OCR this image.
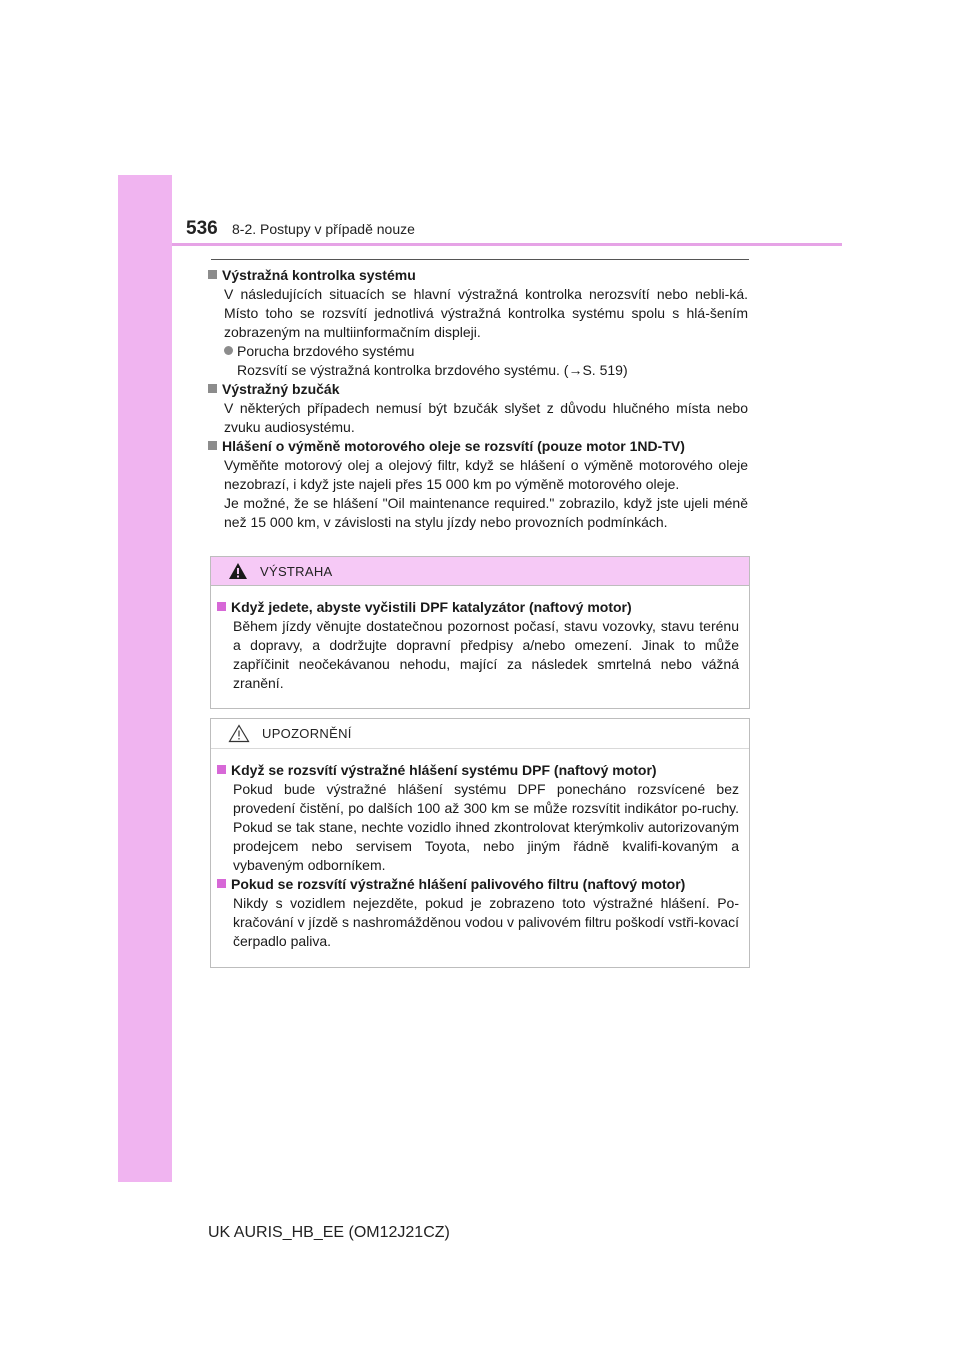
536 8-2. Postupy v případě nouze

Výstražná kontrolka systému

V následujících situacích se hlavní výstražná kontrolka nerozsvítí nebo nebli-ká. Místo toho se rozsvítí jednotlivá výstražná kontrolka systému spolu s hlá-šením zobrazeným na multiinformačním displeji.

Porucha brzdového systému

Rozsvítí se výstražná kontrolka brzdového systému. (→S. 519)

Výstražný bzučák

V některých případech nemusí být bzučák slyšet z důvodu hlučného místa nebo zvuku audiosystému.

Hlášení o výměně motorového oleje se rozsvítí (pouze motor 1ND-TV)

Vyměňte motorový olej a olejový filtr, když se hlášení o výměně motorového oleje nezobrazí, i když jste najeli přes 15 000 km po výměně motorového oleje.

Je možné, že se hlášení "Oil maintenance required." zobrazilo, když jste ujeli méně než 15 000 km, v závislosti na stylu jízdy nebo provozních podmínkách.

VÝSTRAHA

Když jedete, abyste vyčistili DPF katalyzátor (naftový motor)

Během jízdy věnujte dostatečnou pozornost počasí, stavu vozovky, stavu terénu a dopravy, a dodržujte dopravní předpisy a/nebo omezení. Jinak to může zapříčinit neočekávanou nehodu, mající za následek smrtelná nebo vážná zranění.

UPOZORNĚNÍ

Když se rozsvítí výstražné hlášení systému DPF (naftový motor)

Pokud bude výstražné hlášení systému DPF ponecháno rozsvícené bez provedení čistění, po dalších 100 až 300 km se může rozsvítit indikátor po-ruchy. Pokud se tak stane, nechte vozidlo ihned zkontrolovat kterýmkoliv autorizovaným prodejcem nebo servisem Toyota, nebo jiným řádně kvalifi-kovaným a vybaveným odborníkem.

Pokud se rozsvítí výstražné hlášení palivového filtru (naftový motor)

Nikdy s vozidlem nejezděte, pokud je zobrazeno toto výstražné hlášení. Po-kračování v jízdě s nashromážděnou vodou v palivovém filtru poškodí vstři-kovací čerpadlo paliva.

UK AURIS_HB_EE (OM12J21CZ)
